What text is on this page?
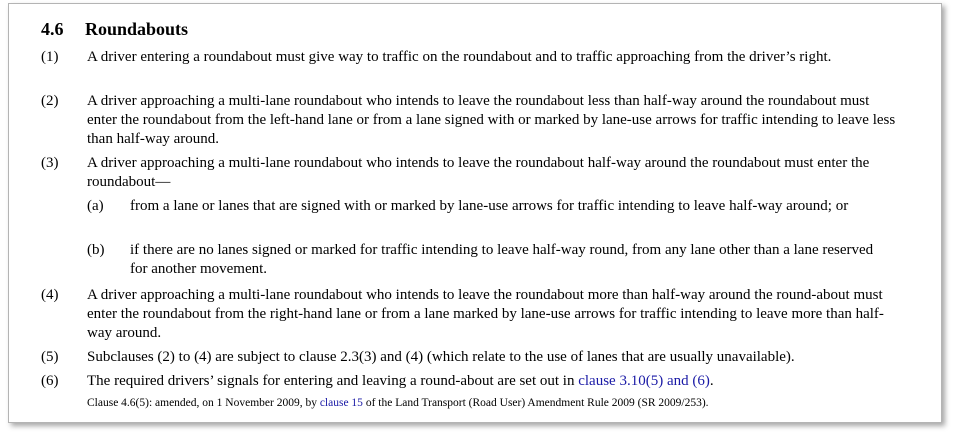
4.6 Roundabouts
(1) A driver entering a roundabout must give way to traffic on the roundabout and to traffic approaching from the driver’s right.
(2) A driver approaching a multi-lane roundabout who intends to leave the roundabout less than half-way around the roundabout must enter the roundabout from the left-hand lane or from a lane signed with or marked by lane-use arrows for traffic intending to leave less than half-way around.
(3) A driver approaching a multi-lane roundabout who intends to leave the roundabout half-way around the roundabout must enter the roundabout—
(a) from a lane or lanes that are signed with or marked by lane-use arrows for traffic intending to leave half-way around; or
(b) if there are no lanes signed or marked for traffic intending to leave half-way round, from any lane other than a lane reserved for another movement.
(4) A driver approaching a multi-lane roundabout who intends to leave the roundabout more than half-way around the round-about must enter the roundabout from the right-hand lane or from a lane marked by lane-use arrows for traffic intending to leave more than half-way around.
(5) Subclauses (2) to (4) are subject to clause 2.3(3) and (4) (which relate to the use of lanes that are usually unavailable).
(6) The required drivers’ signals for entering and leaving a round-about are set out in clause 3.10(5) and (6).
Clause 4.6(5): amended, on 1 November 2009, by clause 15 of the Land Transport (Road User) Amendment Rule 2009 (SR 2009/253).
